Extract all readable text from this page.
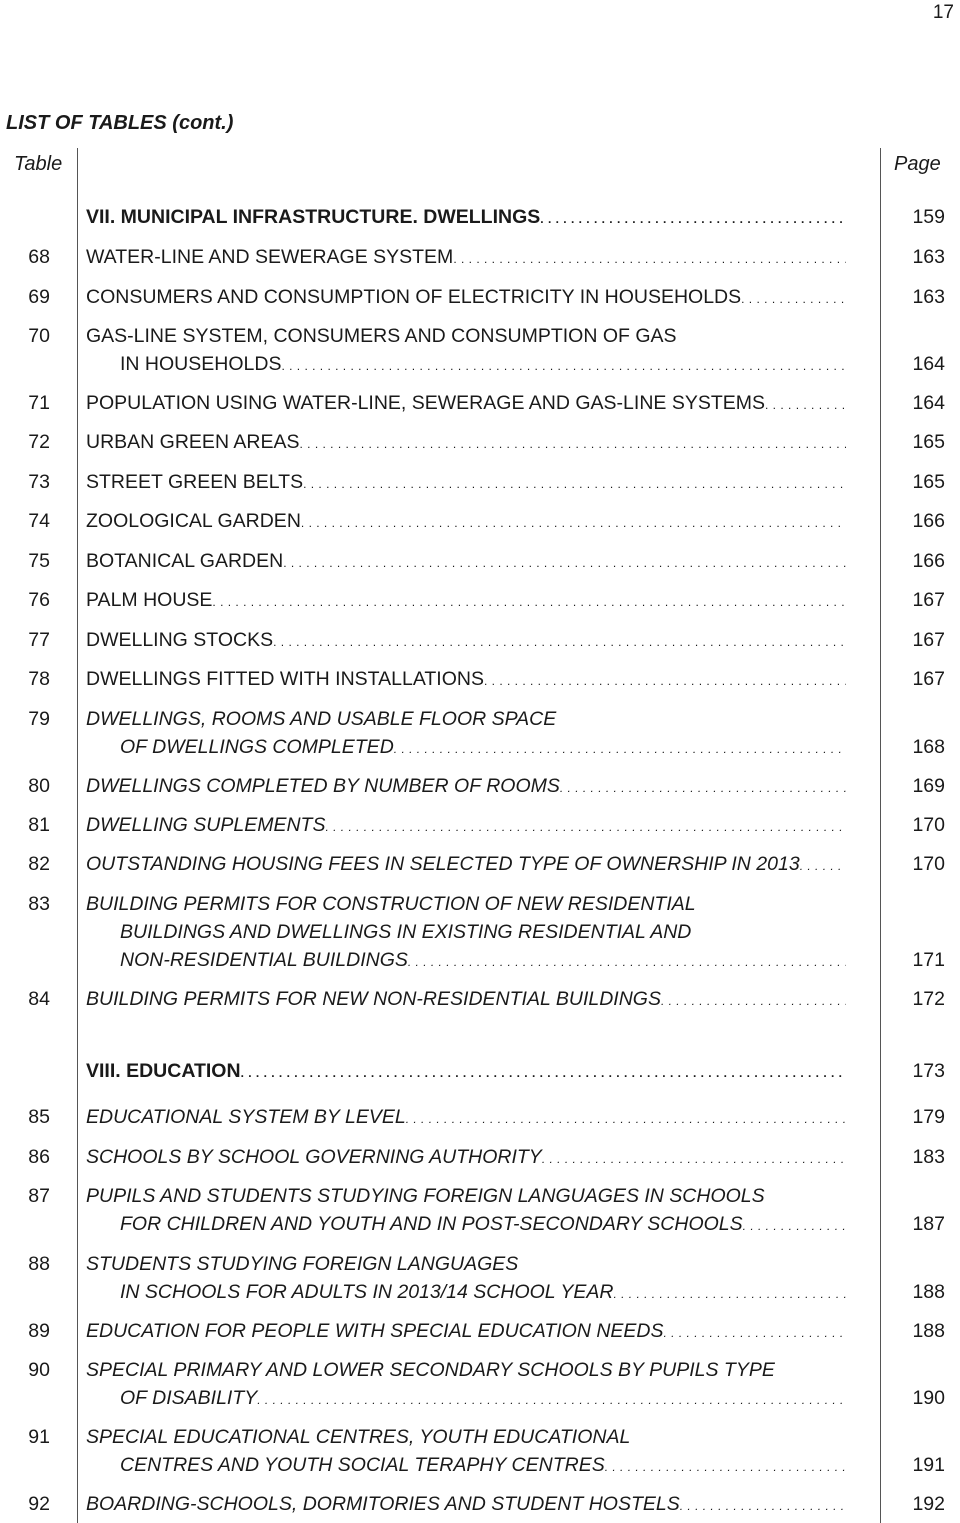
17
LIST OF TABLES (cont.)
Table	Page
VII. MUNICIPAL INFRASTRUCTURE. DWELLINGS . . .	159
68 WATER-LINE AND SEWERAGE SYSTEM . . .	163
69 CONSUMERS AND CONSUMPTION OF ELECTRICITY IN HOUSEHOLDS . . .	163
70 GAS-LINE SYSTEM, CONSUMERS AND CONSUMPTION OF GAS
IN HOUSEHOLDS . . .	164
71 POPULATION USING WATER-LINE, SEWERAGE AND GAS-LINE SYSTEMS . . .	164
72 URBAN GREEN AREAS . . .	165
73 STREET GREEN BELTS . . .	165
74 ZOOLOGICAL GARDEN . . .	166
75 BOTANICAL GARDEN . . .	166
76 PALM HOUSE . . .	167
77 DWELLING STOCKS . . .	167
78 DWELLINGS FITTED WITH INSTALLATIONS . . .	167
79 DWELLINGS, ROOMS AND USABLE FLOOR SPACE
OF DWELLINGS COMPLETED . . .	168
80 DWELLINGS COMPLETED BY NUMBER OF ROOMS . . .	169
81 DWELLING SUPLEMENTS . . .	170
82 OUTSTANDING HOUSING FEES IN SELECTED TYPE OF OWNERSHIP IN 2013 . . .	170
83 BUILDING PERMITS FOR CONSTRUCTION OF NEW RESIDENTIAL
BUILDINGS AND DWELLINGS IN EXISTING RESIDENTIAL AND
NON-RESIDENTIAL BUILDINGS . . .	171
84 BUILDING PERMITS FOR NEW NON-RESIDENTIAL BUILDINGS . . .	172
VIII. EDUCATION . . .	173
85 EDUCATIONAL SYSTEM BY LEVEL . . .	179
86 SCHOOLS BY SCHOOL GOVERNING AUTHORITY . . .	183
87 PUPILS AND STUDENTS STUDYING FOREIGN LANGUAGES IN SCHOOLS
FOR CHILDREN AND YOUTH AND IN POST-SECONDARY SCHOOLS . . .	187
88 STUDENTS STUDYING FOREIGN LANGUAGES
IN SCHOOLS FOR ADULTS IN 2013/14 SCHOOL YEAR . . .	188
89 EDUCATION FOR PEOPLE WITH SPECIAL EDUCATION NEEDS . . .	188
90 SPECIAL PRIMARY AND LOWER SECONDARY SCHOOLS BY PUPILS TYPE
OF DISABILITY . . .	190
91 SPECIAL EDUCATIONAL CENTRES, YOUTH EDUCATIONAL
CENTRES AND YOUTH SOCIAL TERAPHY CENTRES . . .	191
92 BOARDING-SCHOOLS, DORMITORIES AND STUDENT HOSTELS . . .	192
